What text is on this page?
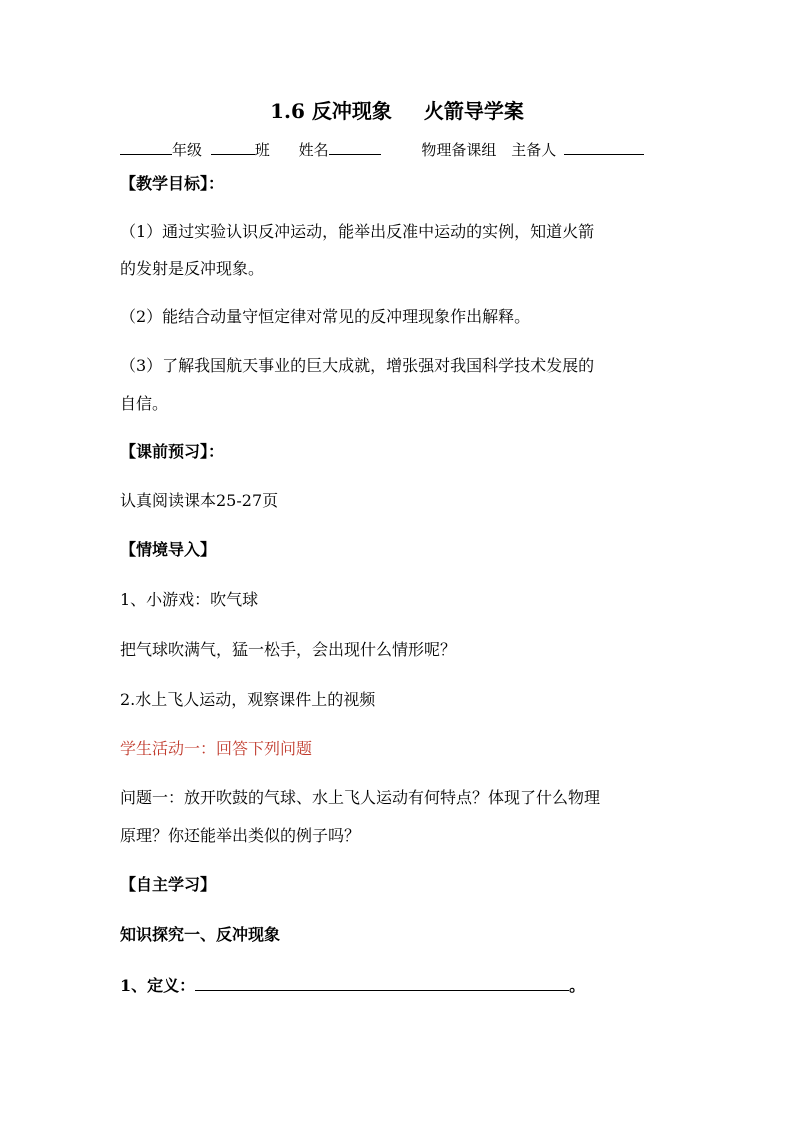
1.6 反冲现象 火箭导学案
年级	班 姓名	物理备课组 主备人
【教学目标】：
（1）通过实验认识反冲运动，能举出反准中运动的实例，知道火箭
的发射是反冲现象。
（2）能结合动量守恒定律对常见的反冲理现象作出解释。
（3）了解我国航天事业的巨大成就，增张强对我国科学技术发展的
自信。
【课前预习】：
认真阅读课本25-27页
【情境导入】
1、小游戏：吹气球
把气球吹满气，猛一松手，会出现什么情形呢？
2.水上飞人运动，观察课件上的视频
学生活动一：回答下列问题
问题一：放开吹鼓的气球、水上飞人运动有何特点？体现了什么物理
原理？你还能举出类似的例子吗？
【自主学习】
知识探究一、反冲现象
1、定义：	。
